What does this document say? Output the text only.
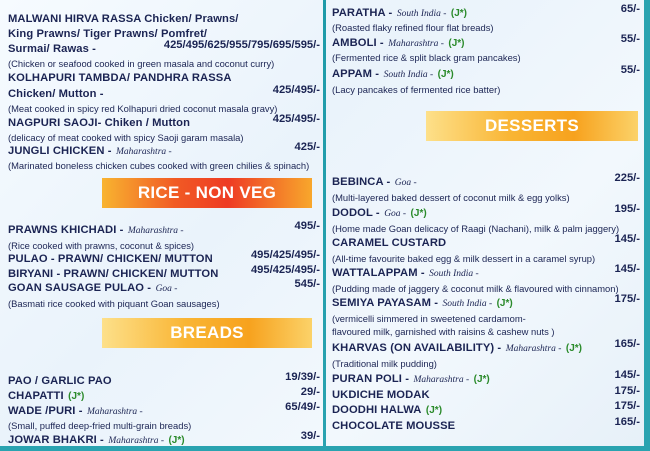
MALWANI HIRVA RASSA Chicken/ Prawns/
King Prawns/ Tiger Prawns/ Pomfret/
Surmai/ Rawas -	425/495/625/955/795/695/595/-
(Chicken or seafood cooked in green masala and coconut curry)
KOLHAPURI TAMBDA/ PANDHRA RASSA
Chicken/ Mutton -	425/495/-
(Meat cooked in spicy red Kolhapuri dried coconut masala gravy)
NAGPURI SAOJI- Chiken / Mutton	425/495/-
(delicacy of meat cooked with spicy Saoji garam masala)
JUNGLI CHICKEN - Maharashtra -	425/-
(Marinated boneless chicken cubes cooked with green chilies & spinach)
RICE - NON VEG
PRAWNS KHICHADI - Maharashtra -	495/-
(Rice cooked with prawns, coconut & spices)
PULAO - PRAWN/ CHICKEN/ MUTTON	495/425/495/-
BIRYANI - PRAWN/ CHICKEN/ MUTTON	495/425/495/-
GOAN SAUSAGE PULAO - Goa -	545/-
(Basmati rice cooked with piquant Goan sausages)
BREADS
PAO / GARLIC PAO	19/39/-
CHAPATTI (J*)	29/-
WADE /PURI - Maharashtra -	65/49/-
(Small, puffed deep-fried multi-grain breads)
JOWAR BHAKRI - Maharashtra - (J*)	39/-
PARATHA - South India - (J*)	65/-
(Roasted flaky refined flour flat breads)
AMBOLI - Maharashtra - (J*)	55/-
(Fermented rice & split black gram pancakes)
APPAM - South India - (J*)	55/-
(Lacy pancakes of fermented rice batter)
DESSERTS
BEBINCA - Goa -	225/-
(Multi-layered baked dessert of coconut milk & egg yolks)
DODOL - Goa - (J*)	195/-
(Home made Goan delicacy of Raagi (Nachani), milk & palm jaggery)
CARAMEL CUSTARD	145/-
(All-time favourite baked egg & milk dessert in a caramel syrup)
WATTALAPPAM - South India -	145/-
(Pudding made of jaggery & coconut milk & flavoured with cinnamon)
SEMIYA PAYASAM - South India - (J*)	175/-
(vermicelli simmered in sweetened cardamom-
flavoured milk, garnished with raisins & cashew nuts )
KHARVAS (ON AVAILABILITY) - Maharashtra - (J*)	165/-
(Traditional milk pudding)
PURAN POLI - Maharashtra - (J*)	145/-
UKDICHE MODAK	175/-
DOODHI HALWA (J*)	175/-
CHOCOLATE MOUSSE	165/-
